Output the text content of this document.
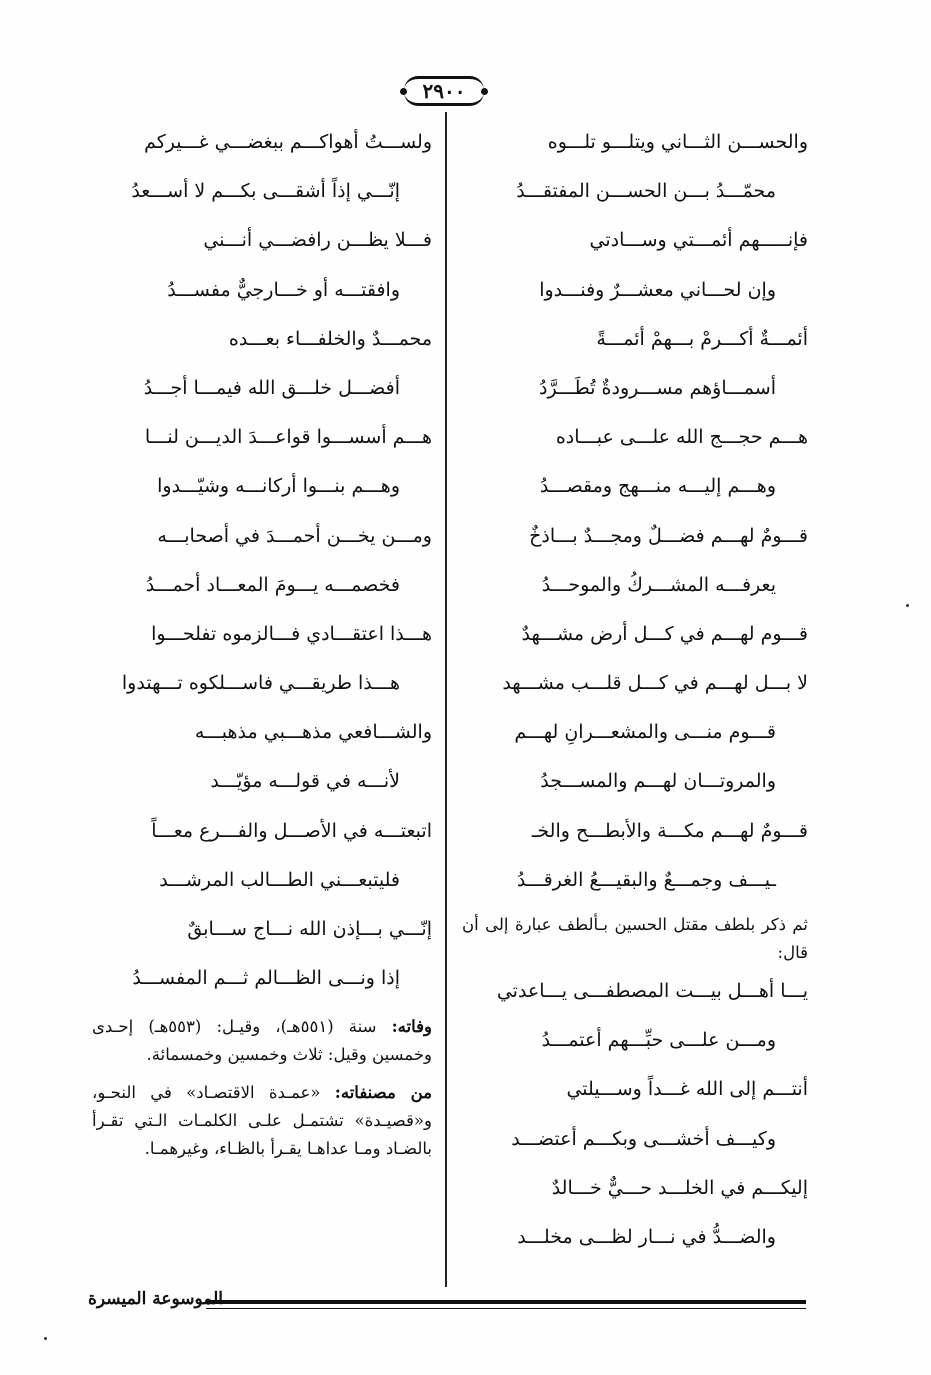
٢٩٠٠
والحســـن الثـــاني ويتلـــو تلـــوه
محمّـــدُ بـــن الحســـن المفتقـــدُ
فإنـــــهم أئمـــتي وســـادتي
وإن لحـــاني معشـــرٌ وفنـــدوا
أئمـــةٌ أكـــرمْ بـــهمْ أئمـــةً
أسمـــاؤهم مســـرودةٌ تُطَـــرَّدُ
هـــم حجـــج الله علـــى عبـــاده
وهـــم إليـــه منـــهج ومقصـــدُ
قـــومٌ لهـــم فضـــلٌ ومجـــدٌ بـــاذخٌ
يعرفـــه المشـــركُ والموحـــدُ
قـــوم لهـــم في كـــل أرض مشـــهدٌ
لا بـــل لهـــم في كـــل قلـــب مشـــهد
قـــوم منـــى والمشعـــرانِ لهـــم
والمروتـــان لهـــم والمســـجدُ
قـــومٌ لهـــم مكـــة والأبطـــح والخـ
ـيـــف وجمـــعٌ والبقيـــعُ الغرقـــدُ
ثم ذكر بلطف مقتل الحسين بـألطف عبارة إلى أن قال:
يـــا أهـــل بيـــت المصطفـــى يـــاعدتي
ومـــن علـــى حبِّـــهم أعتمـــدُ
أنتـــم إلى الله غـــداً وســـيلتي
وكيـــف أخشـــى وبكـــم أعتضـــد
إليكـــم في الخلـــد حـــيٌّ خـــالدٌ
والضـــدُّ في نـــار لظـــى مخلـــد
ولســـتُ أهواكـــم ببغضـــي غـــيركم
إنّـــي إذاً أشقـــى بكـــم لا أســـعدُ
فـــلا يظـــن رافضـــي أنـــني
وافقتـــه أو خـــارجيٌّ مفســـدُ
محمـــدٌ والخلفـــاء بعـــده
أفضـــل خلـــق الله فيمـــا أجـــدُ
هـــم أسســـوا قواعـــدَ الديـــن لنـــا
وهـــم بنـــوا أركانـــه وشيّـــدوا
ومـــن يخـــن أحمـــدَ في أصحابـــه
فخصمـــه يـــومَ المعـــاد أحمـــدُ
هـــذا اعتقـــادي فـــالزموه تفلحـــوا
هـــذا طريقـــي فاســـلكوه تـــهتدوا
والشـــافعي مذهـــبي مذهبـــه
لأنـــه في قولـــه مؤيّـــد
اتبعتـــه في الأصـــل والفـــرع معـــاً
فليتبعـــني الطـــالب المرشـــد
إنّـــي بـــإذن الله نـــاج ســـابقٌ
إذا ونـــى الظـــالم ثـــم المفســـدُ
وفاته: سنة (٥٥١هـ)، وقيـل: (٥٥٣هـ) إحـدى وخمسين وقيل: ثلاث وخمسين وخمسمائة.
من مصنفاته: «عمـدة الاقتصـاد» في النحـو، و«قصيـدة» تشتمـل علـى الكلمـات الـتي تقـرأ بالضـاد ومـا عداهـا يقـرأ بالظـاء، وغيرهمـا.
الموسوعة الميسرة
